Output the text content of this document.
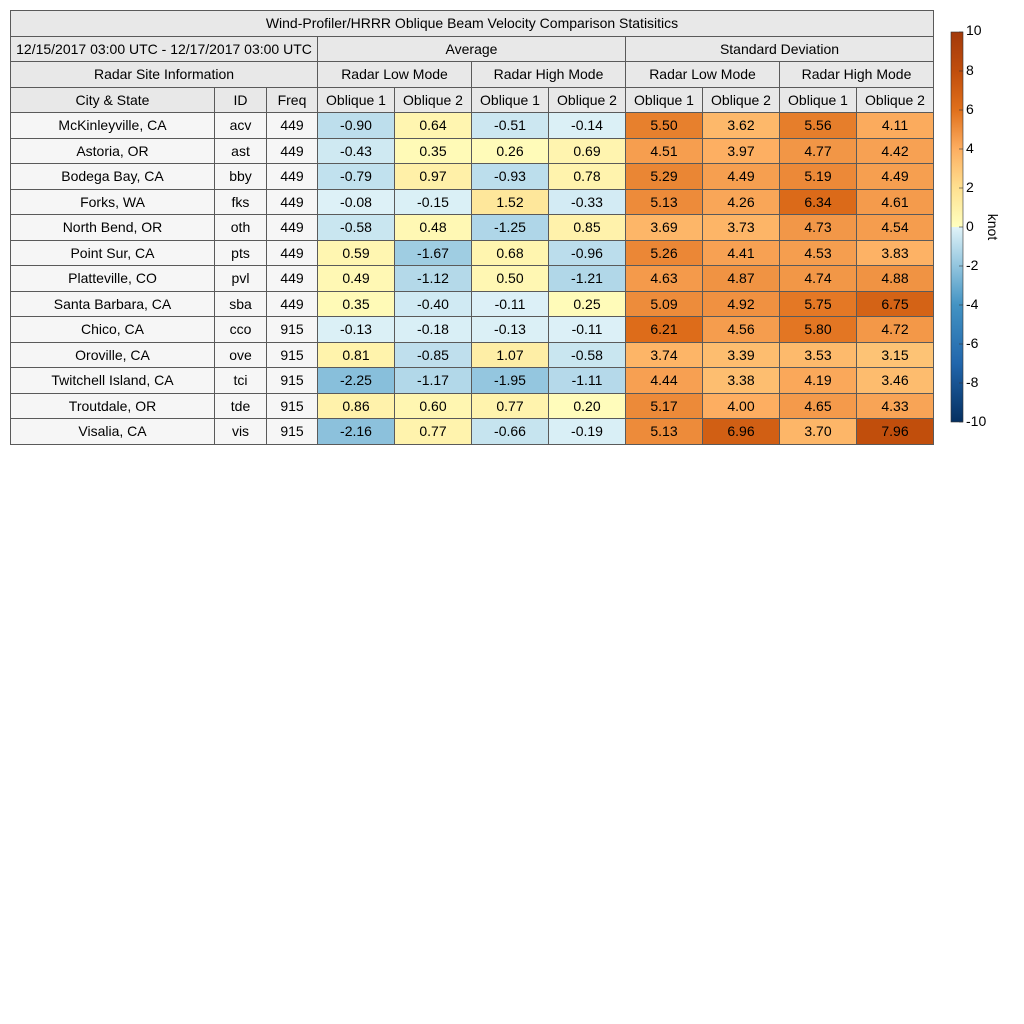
Wind-Profiler/HRRR Oblique Beam Velocity Comparison Statisitics										
12/15/2017 03:00 UTC - 12/17/2017 03:00 UTC			Average				Standard Deviation			
Radar Site Information			Radar Low Mode		Radar High Mode		Radar Low Mode		Radar High Mode	
City & State	ID	Freq	Oblique 1	Oblique 2	Oblique 1	Oblique 2	Oblique 1	Oblique 2	Oblique 1	Oblique 2
McKinleyville, CA	acv	449	-0.90	0.64	-0.51	-0.14	5.50	3.62	5.56	4.11
Astoria, OR	ast	449	-0.43	0.35	0.26	0.69	4.51	3.97	4.77	4.42
Bodega Bay, CA	bby	449	-0.79	0.97	-0.93	0.78	5.29	4.49	5.19	4.49
Forks, WA	fks	449	-0.08	-0.15	1.52	-0.33	5.13	4.26	6.34	4.61
North Bend, OR	oth	449	-0.58	0.48	-1.25	0.85	3.69	3.73	4.73	4.54
Point Sur, CA	pts	449	0.59	-1.67	0.68	-0.96	5.26	4.41	4.53	3.83
Platteville, CO	pvl	449	0.49	-1.12	0.50	-1.21	4.63	4.87	4.74	4.88
Santa Barbara, CA	sba	449	0.35	-0.40	-0.11	0.25	5.09	4.92	5.75	6.75
Chico, CA	cco	915	-0.13	-0.18	-0.13	-0.11	6.21	4.56	5.80	4.72
Oroville, CA	ove	915	0.81	-0.85	1.07	-0.58	3.74	3.39	3.53	3.15
Twitchell Island, CA	tci	915	-2.25	-1.17	-1.95	-1.11	4.44	3.38	4.19	3.46
Troutdale, OR	tde	915	0.86	0.60	0.77	0.20	5.17	4.00	4.65	4.33
Visalia, CA	vis	915	-2.16	0.77	-0.66	-0.19	5.13	6.96	3.70	7.96
10
8
6
4
2
0
-2
-4
-6
-8
-10
knot
